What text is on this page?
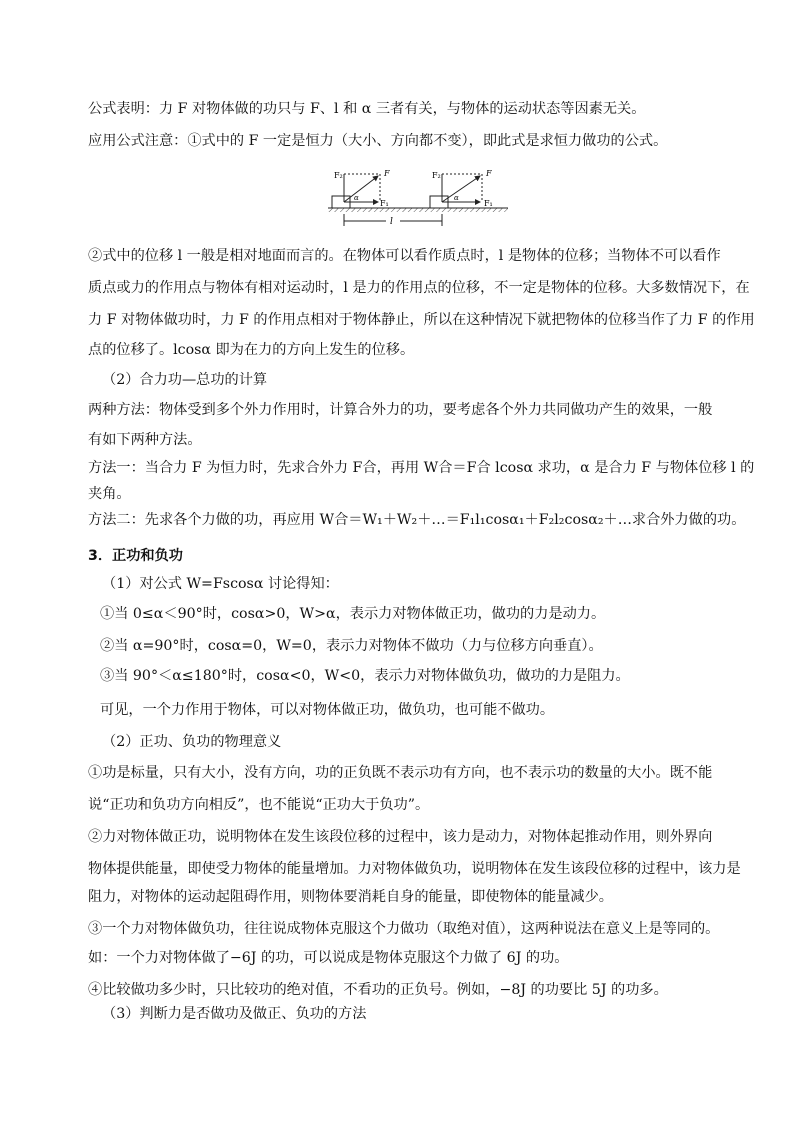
公式表明：力 F 对物体做的功只与 F、l 和 α 三者有关，与物体的运动状态等因素无关。
应用公式注意：①式中的 F 一定是恒力（大小、方向都不变），即此式是求恒力做功的公式。
F₂	F
α
F₁
F₂	F
α
F₁
l
②式中的位移 l 一般是相对地面而言的。在物体可以看作质点时，l 是物体的位移；当物体不可以看作
质点或力的作用点与物体有相对运动时，l 是力的作用点的位移，不一定是物体的位移。大多数情况下，在
力 F 对物体做功时，力 F 的作用点相对于物体静止，所以在这种情况下就把物体的位移当作了力 F 的作用
点的位移了。lcosα 即为在力的方向上发生的位移。
（2）合力功—总功的计算
两种方法：物体受到多个外力作用时，计算合外力的功，要考虑各个外力共同做功产生的效果，一般
有如下两种方法。
方法一：当合力 F 为恒力时，先求合外力 F合，再用 W合＝F合 lcosα 求功，α 是合力 F 与物体位移 l 的
夹角。
方法二：先求各个力做的功，再应用 W合＝W₁＋W₂＋…＝F₁l₁cosα₁＋F₂l₂cosα₂＋…求合外力做的功。
3．正功和负功
（1）对公式 W=Fscosα 讨论得知：
①当 0≤α＜90°时，cosα>0，W>α，表示力对物体做正功，做功的力是动力。
②当 α=90°时，cosα=0，W=0，表示力对物体不做功（力与位移方向垂直）。
③当 90°＜α≤180°时，cosα<0，W<0，表示力对物体做负功，做功的力是阻力。
可见，一个力作用于物体，可以对物体做正功，做负功，也可能不做功。
（2）正功、负功的物理意义
①功是标量，只有大小，没有方向，功的正负既不表示功有方向，也不表示功的数量的大小。既不能
说“正功和负功方向相反”，也不能说“正功大于负功”。
②力对物体做正功，说明物体在发生该段位移的过程中，该力是动力，对物体起推动作用，则外界向
物体提供能量，即使受力物体的能量增加。力对物体做负功，说明物体在发生该段位移的过程中，该力是
阻力，对物体的运动起阻碍作用，则物体要消耗自身的能量，即使物体的能量减少。
③一个力对物体做负功，往往说成物体克服这个力做功（取绝对值），这两种说法在意义上是等同的。
如：一个力对物体做了−6J 的功，可以说成是物体克服这个力做了 6J 的功。
④比较做功多少时，只比较功的绝对值，不看功的正负号。例如，−8J 的功要比 5J 的功多。
（3）判断力是否做功及做正、负功的方法
